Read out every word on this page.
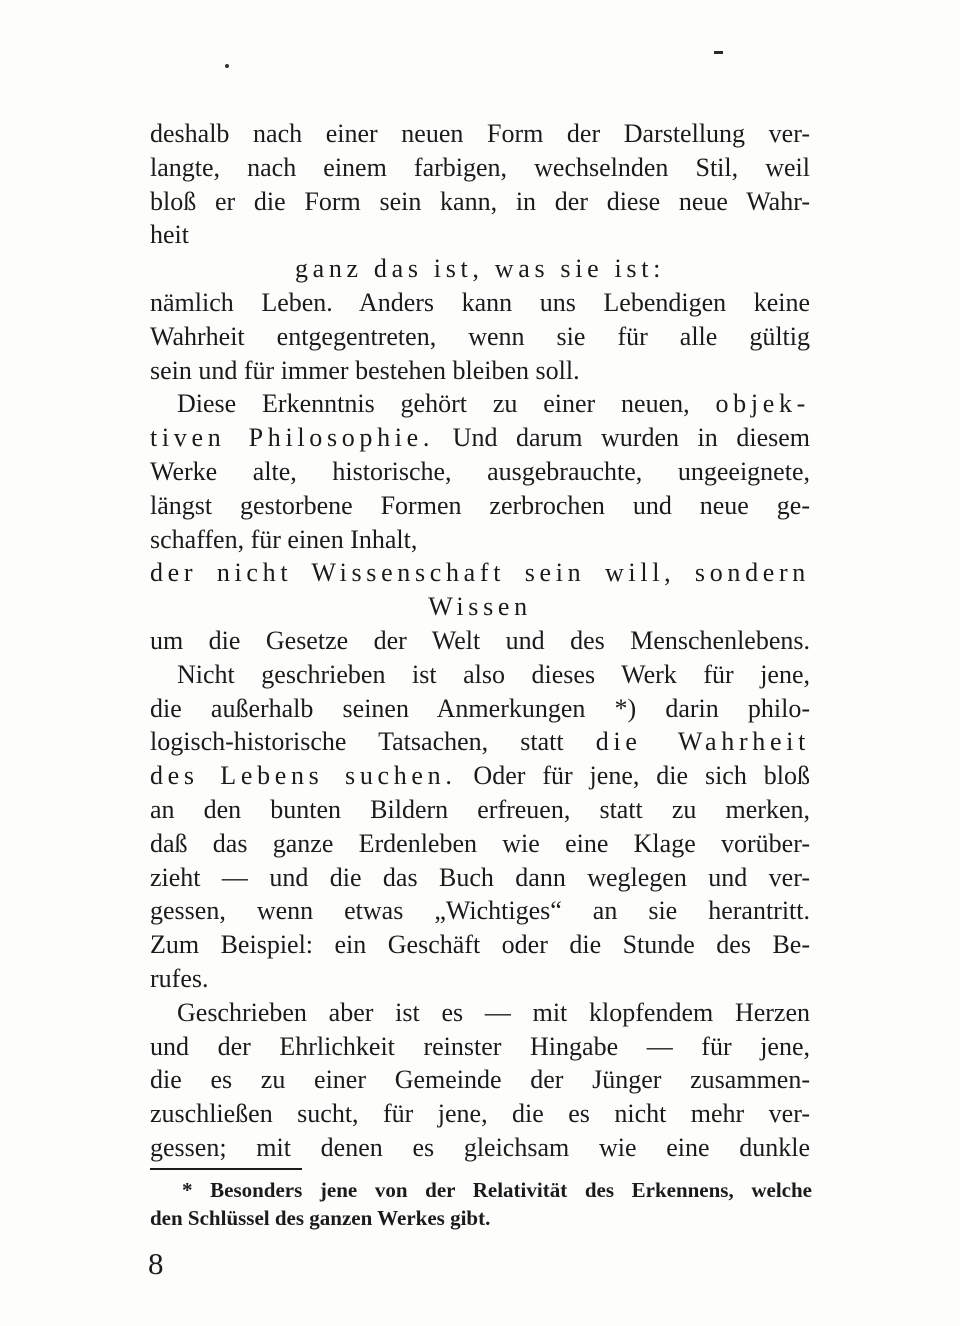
deshalb nach einer neuen Form der Darstellung ver-
langte, nach einem farbigen, wechselnden Stil, weil
bloß er die Form sein kann, in der diese neue Wahr-
heit
ganz das ist, was sie ist:
nämlich Leben. Anders kann uns Lebendigen keine
Wahrheit entgegentreten, wenn sie für alle gültig
sein und für immer bestehen bleiben soll.
Diese Erkenntnis gehört zu einer neuen, objek-
tiven Philosophie. Und darum wurden in diesem
Werke alte, historische, ausgebrauchte, ungeeignete,
längst gestorbene Formen zerbrochen und neue ge-
schaffen, für einen Inhalt,
der nicht Wissenschaft sein will, sondern
Wissen
um die Gesetze der Welt und des Menschenlebens.
Nicht geschrieben ist also dieses Werk für jene,
die außerhalb seinen Anmerkungen *) darin philo-
logisch-historische Tatsachen, statt die Wahrheit
des Lebens suchen. Oder für jene, die sich bloß
an den bunten Bildern erfreuen, statt zu merken,
daß das ganze Erdenleben wie eine Klage vorüber-
zieht — und die das Buch dann weglegen und ver-
gessen, wenn etwas „Wichtiges“ an sie herantritt.
Zum Beispiel: ein Geschäft oder die Stunde des Be-
rufes.
Geschrieben aber ist es — mit klopfendem Herzen
und der Ehrlichkeit reinster Hingabe — für jene,
die es zu einer Gemeinde der Jünger zusammen-
zuschließen sucht, für jene, die es nicht mehr ver-
gessen; mit denen es gleichsam wie eine dunkle
* Besonders jene von der Relativität des Erkennens, welche
den Schlüssel des ganzen Werkes gibt.
8
